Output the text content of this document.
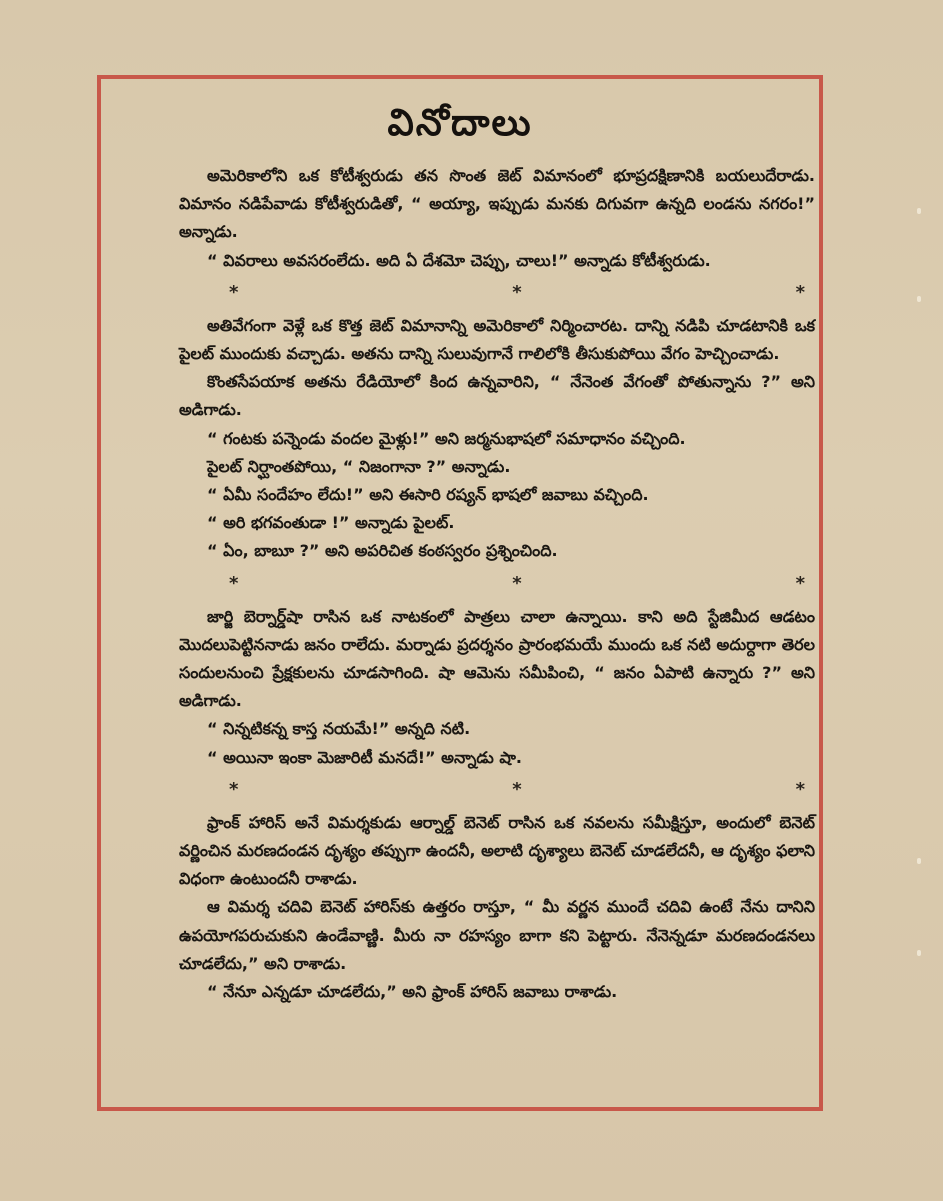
వినోదాలు

అమెరికాలోని ఒక కోటీశ్వరుడు తన సొంత జెట్ విమానంలో భూప్రదక్షిణానికి బయలుదేరాడు. విమానం నడిపేవాడు కోటీశ్వరుడితో, “ అయ్యా, ఇప్పుడు మనకు దిగువగా ఉన్నది లండను నగరం!” అన్నాడు.

“ వివరాలు అవసరంలేదు. అది ఏ దేశమో చెప్పు, చాలు!” అన్నాడు కోటీశ్వరుడు.

*	*	*

అతివేగంగా వెళ్లే ఒక కొత్త జెట్ విమానాన్ని అమెరికాలో నిర్మించారట. దాన్ని నడిపి చూడటానికి ఒక పైలట్ ముందుకు వచ్చాడు. అతను దాన్ని సులువుగానే గాలిలోకి తీసుకుపోయి వేగం హెచ్చించాడు.

కొంతసేపయాక అతను రేడియోలో కింద ఉన్నవారిని, “ నేనెంత వేగంతో పోతున్నాను ?” అని అడిగాడు.

“ గంటకు పన్నెండు వందల మైళ్లు!” అని జర్మనుభాషలో సమాధానం వచ్చింది.

పైలట్ నిర్ఘాంతపోయి, “ నిజంగానా ?” అన్నాడు.

“ ఏమీ సందేహం లేదు!” అని ఈసారి రష్యన్ భాషలో జవాబు వచ్చింది.

“ అరి భగవంతుడా !” అన్నాడు పైలట్.

“ ఏం, బాబూ ?” అని అపరిచిత కంఠస్వరం ప్రశ్నించింది.

*	*	*

జార్జి బెర్నార్డ్‌షా రాసిన ఒక నాటకంలో పాత్రలు చాలా ఉన్నాయి. కాని అది స్టేజిమీద ఆడటం మొదలుపెట్టిననాడు జనం రాలేదు. మర్నాడు ప్రదర్శనం ప్రారంభమయే ముందు ఒక నటి అదుర్దాగా తెరల సందులనుంచి ప్రేక్షకులను చూడసాగింది. షా ఆమెను సమీపించి, “ జనం ఏపాటి ఉన్నారు ?” అని అడిగాడు.

“ నిన్నటికన్న కాస్త నయమే!” అన్నది నటి.

“ అయినా ఇంకా మెజారిటీ మనదే!” అన్నాడు షా.

*	*	*

ఫ్రాంక్ హారిస్ అనే విమర్శకుడు ఆర్నాల్డ్ బెనెట్ రాసిన ఒక నవలను సమీక్షిస్తూ, అందులో బెనెట్ వర్ణించిన మరణదండన దృశ్యం తప్పుగా ఉందనీ, అలాటి దృశ్యాలు బెనెట్ చూడలేదనీ, ఆ దృశ్యం ఫలాని విధంగా ఉంటుందనీ రాశాడు.

ఆ విమర్శ చదివి బెనెట్ హారిస్‌కు ఉత్తరం రాస్తూ, “ మీ వర్ణన ముందే చదివి ఉంటే నేను దానిని ఉపయోగపరుచుకుని ఉండేవాణ్ణి. మీరు నా రహస్యం బాగా కని పెట్టారు. నేనెన్నడూ మరణదండనలు చూడలేదు,” అని రాశాడు.

“ నేనూ ఎన్నడూ చూడలేదు,” అని ఫ్రాంక్ హారిస్ జవాబు రాశాడు.
